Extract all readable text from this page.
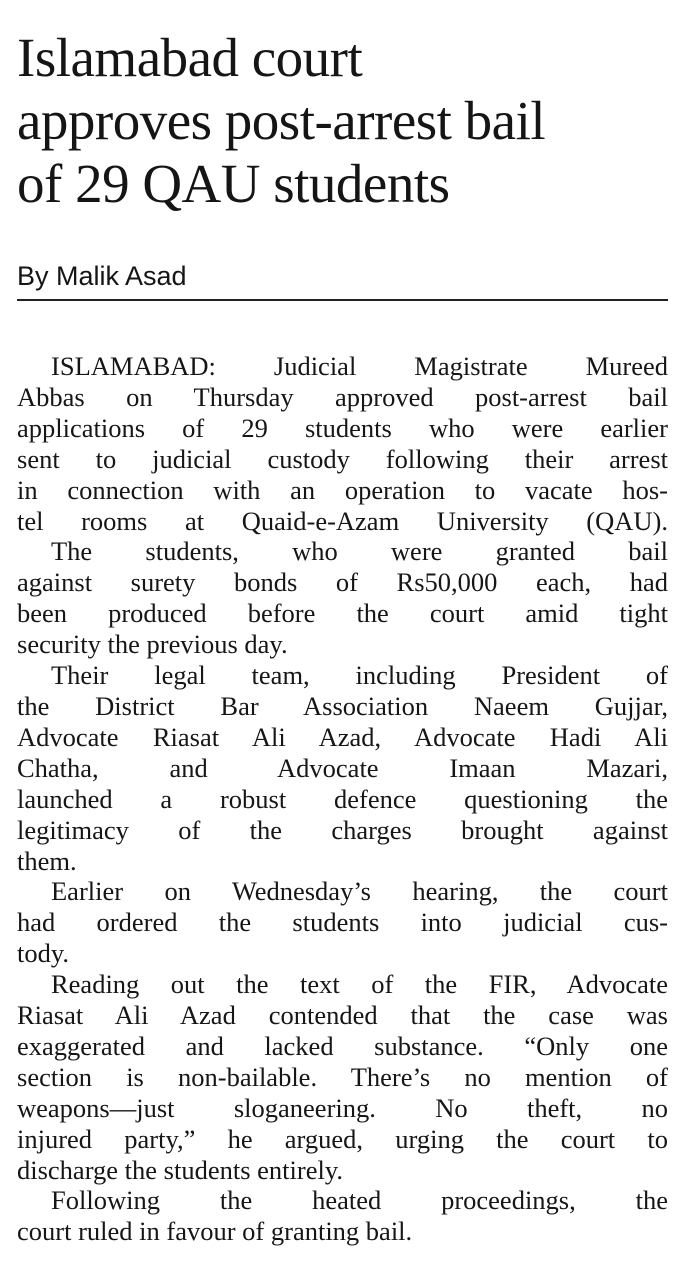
Islamabad court
approves post-arrest bail
of 29 QAU students
By Malik Asad

ISLAMABAD: Judicial Magistrate Mureed
Abbas on Thursday approved post-arrest bail
applications of 29 students who were earlier
sent to judicial custody following their arrest
in connection with an operation to vacate hos-
tel rooms at Quaid-e-Azam University (QAU).

The students, who were granted bail
against surety bonds of Rs50,000 each, had
been produced before the court amid tight
security the previous day.

Their legal team, including President of
the District Bar Association Naeem Gujjar,
Advocate Riasat Ali Azad, Advocate Hadi Ali
Chatha, and Advocate Imaan Mazari,
launched a robust defence questioning the
legitimacy of the charges brought against
them.

Earlier on Wednesday’s hearing, the court
had ordered the students into judicial cus-
tody.

Reading out the text of the FIR, Advocate
Riasat Ali Azad contended that the case was
exaggerated and lacked substance. “Only one
section is non-bailable. There’s no mention of
weapons—just sloganeering. No theft, no
injured party,” he argued, urging the court to
discharge the students entirely.

Following the heated proceedings, the
court ruled in favour of granting bail.
